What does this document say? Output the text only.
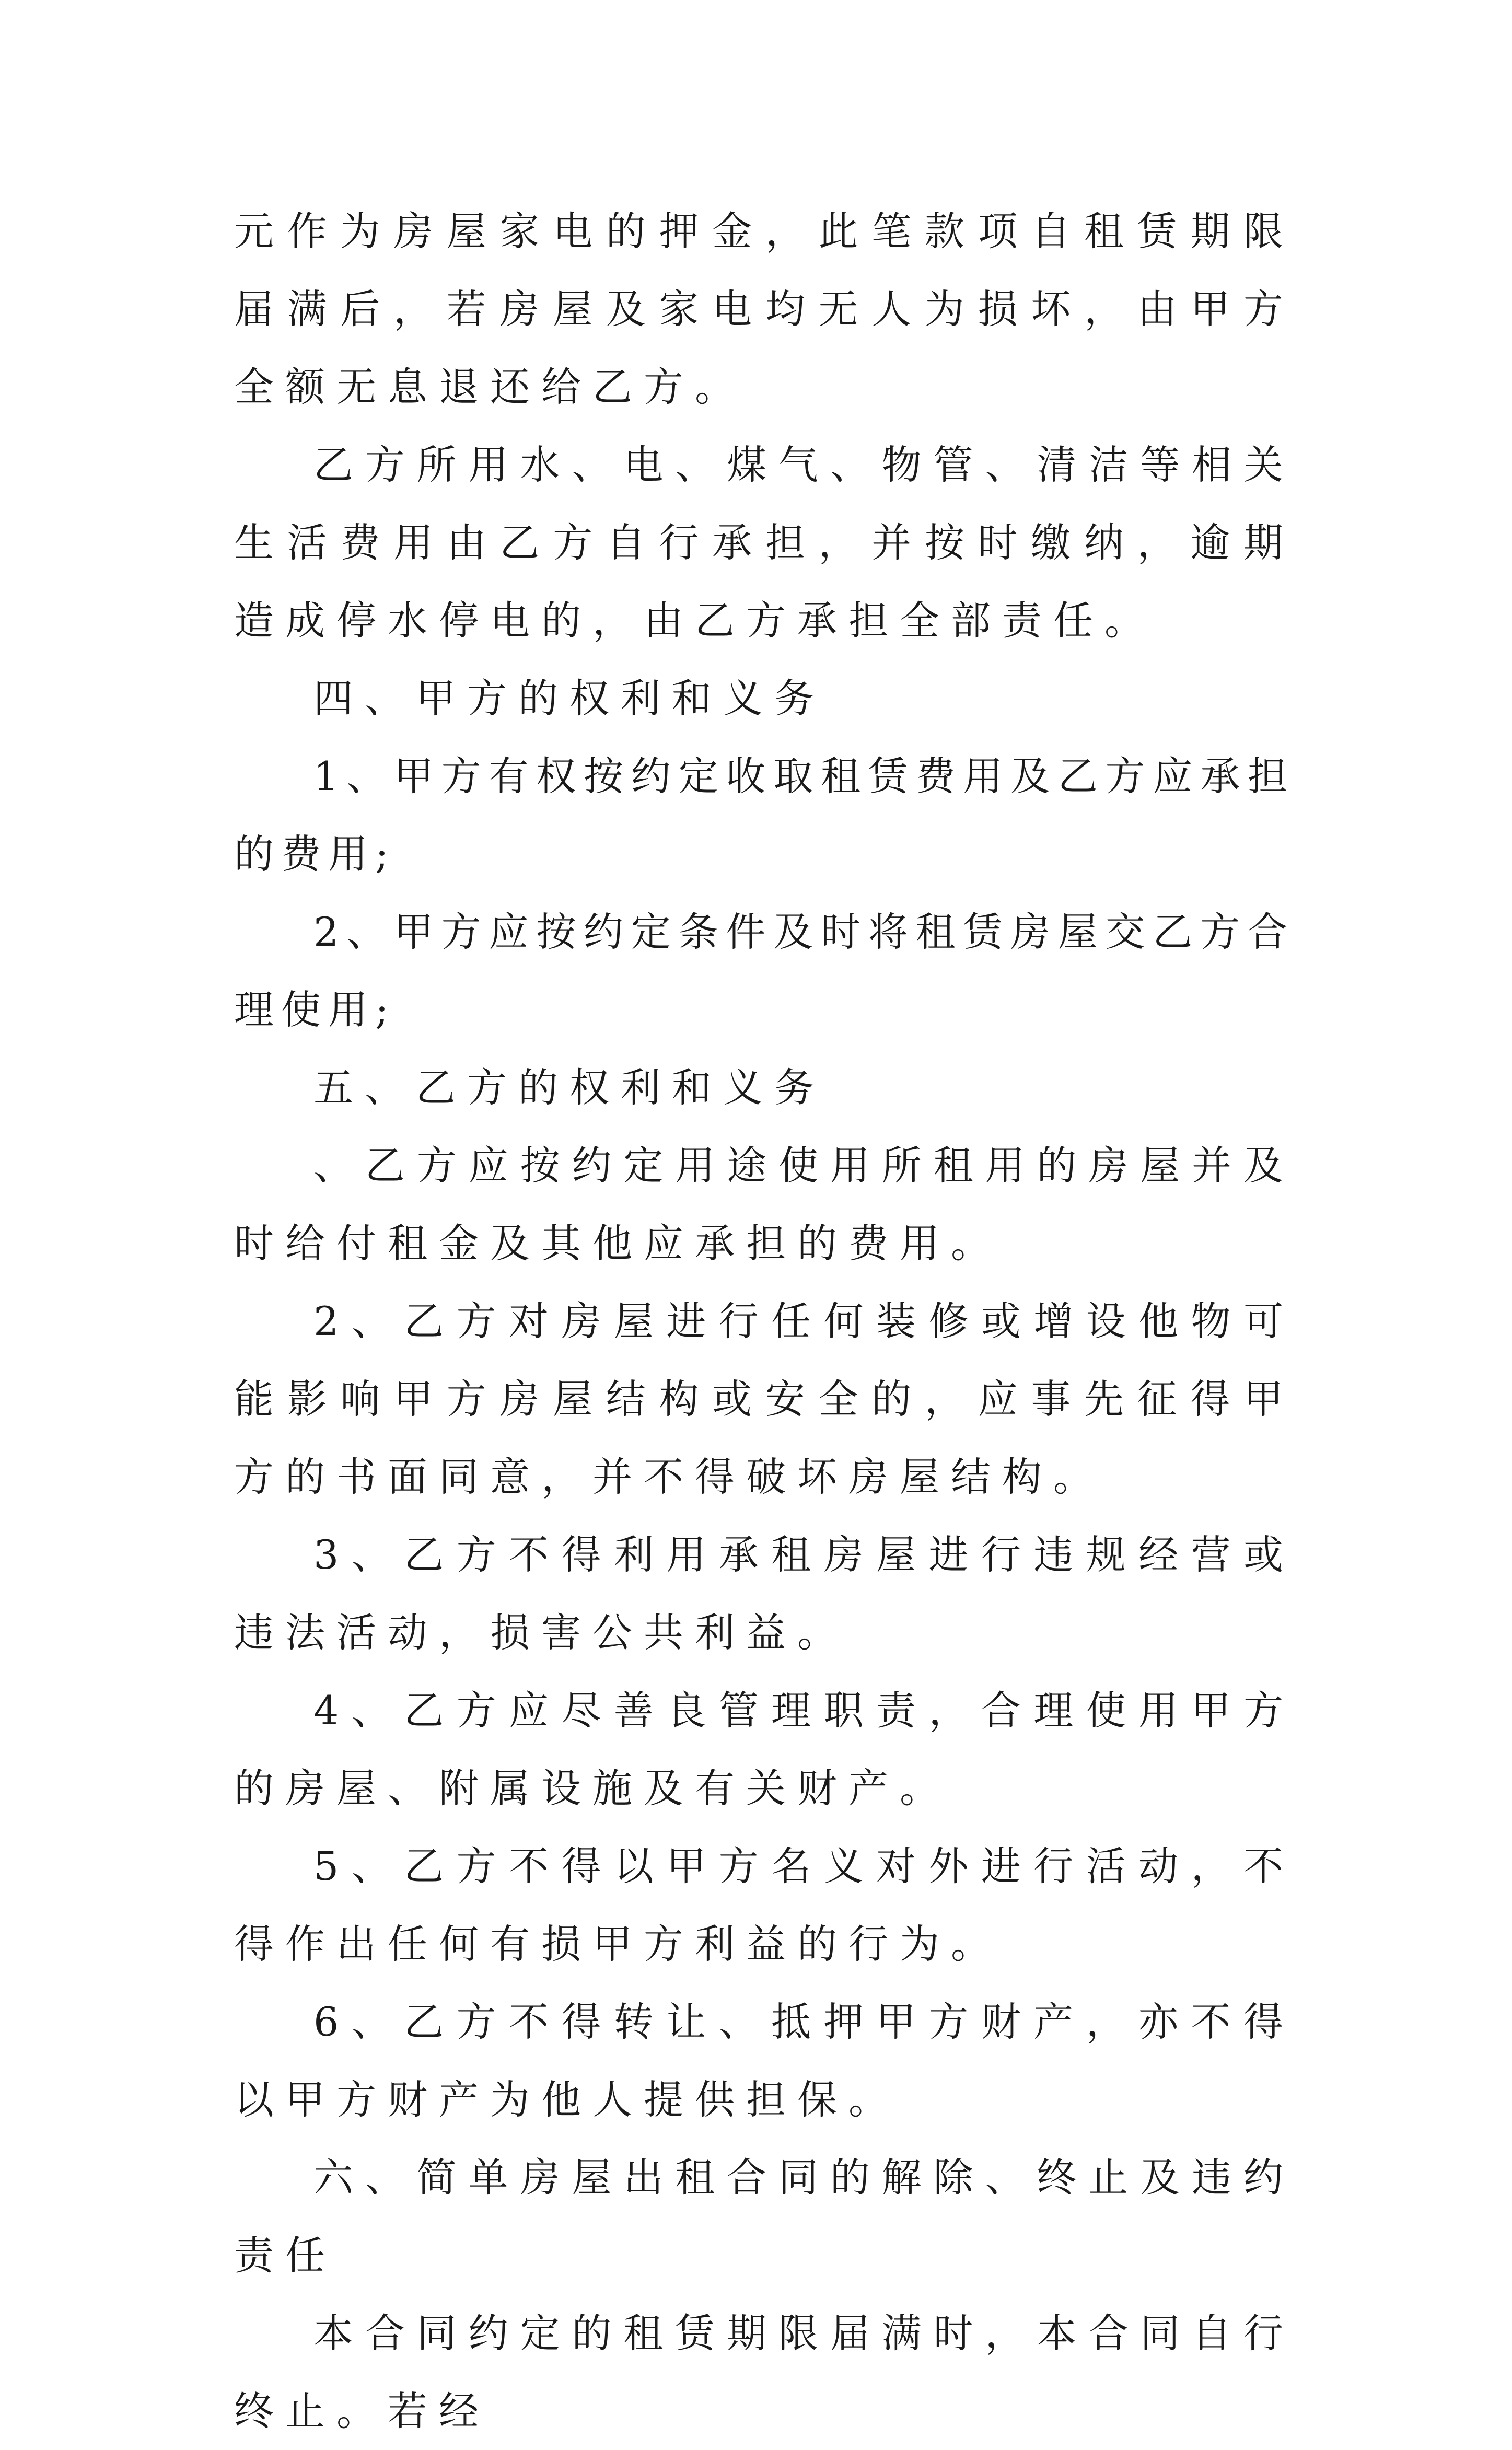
元作为房屋家电的押金，此笔款项自租赁期限届满后，若房屋及家电均无人为损坏，由甲方全额无息退还给乙方。

乙方所用水、电、煤气、物管、清洁等相关生活费用由乙方自行承担，并按时缴纳，逾期造成停水停电的，由乙方承担全部责任。

四、甲方的权利和义务

1、甲方有权按约定收取租赁费用及乙方应承担的费用;

2、甲方应按约定条件及时将租赁房屋交乙方合理使用;

五、乙方的权利和义务

、乙方应按约定用途使用所租用的房屋并及时给付租金及其他应承担的费用。

2、乙方对房屋进行任何装修或增设他物可能影响甲方房屋结构或安全的，应事先征得甲方的书面同意，并不得破坏房屋结构。

3、乙方不得利用承租房屋进行违规经营或违法活动，损害公共利益。

4、乙方应尽善良管理职责，合理使用甲方的房屋、附属设施及有关财产。

5、乙方不得以甲方名义对外进行活动，不得作出任何有损甲方利益的行为。

6、乙方不得转让、抵押甲方财产，亦不得以甲方财产为他人提供担保。

六、简单房屋出租合同的解除、终止及违约责任

本合同约定的租赁期限届满时，本合同自行终止。若经
